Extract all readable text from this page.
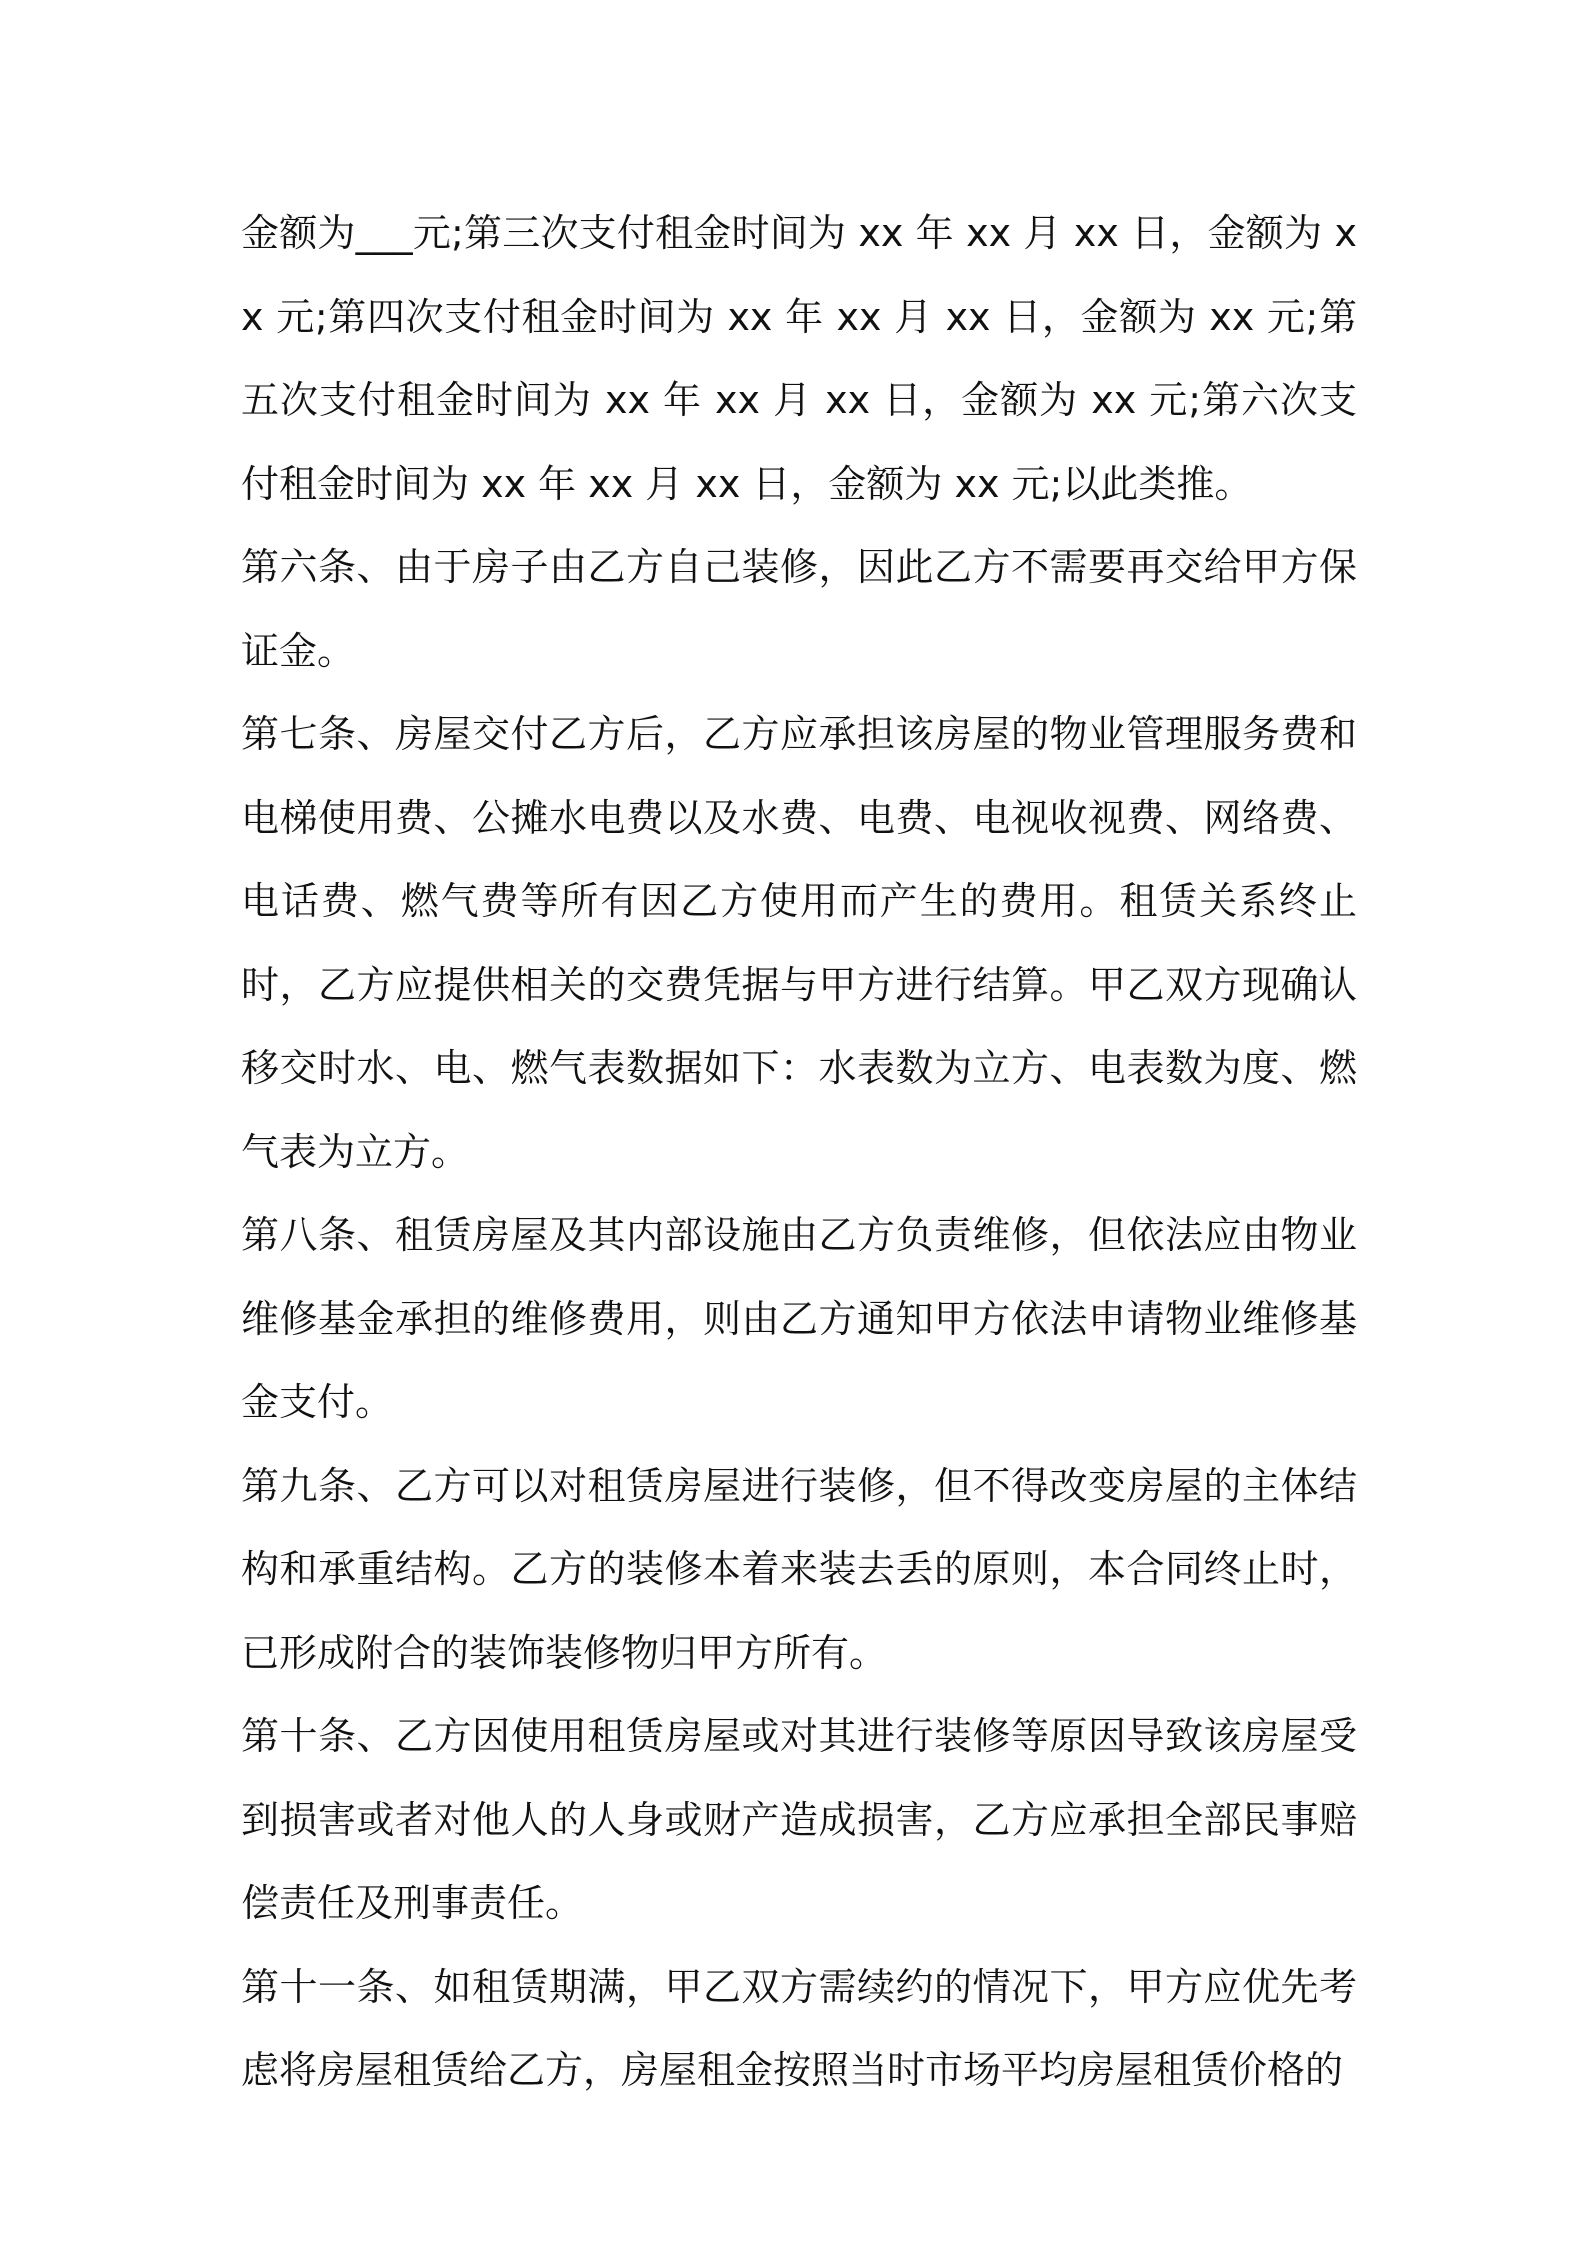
金额为___元;第三次支付租金时间为 xx 年 xx 月 xx 日，金额为 xx 元;第四次支付租金时间为 xx 年 xx 月 xx 日，金额为 xx 元;第五次支付租金时间为 xx 年 xx 月 xx 日，金额为 xx 元;第六次支付租金时间为 xx 年 xx 月 xx 日，金额为 xx 元;以此类推。

第六条、由于房子由乙方自己装修，因此乙方不需要再交给甲方保证金。

第七条、房屋交付乙方后，乙方应承担该房屋的物业管理服务费和电梯使用费、公摊水电费以及水费、电费、电视收视费、网络费、电话费、燃气费等所有因乙方使用而产生的费用。租赁关系终止时，乙方应提供相关的交费凭据与甲方进行结算。甲乙双方现确认移交时水、电、燃气表数据如下：水表数为立方、电表数为度、燃气表为立方。

第八条、租赁房屋及其内部设施由乙方负责维修，但依法应由物业维修基金承担的维修费用，则由乙方通知甲方依法申请物业维修基金支付。

第九条、乙方可以对租赁房屋进行装修，但不得改变房屋的主体结构和承重结构。乙方的装修本着来装去丢的原则，本合同终止时，已形成附合的装饰装修物归甲方所有。

第十条、乙方因使用租赁房屋或对其进行装修等原因导致该房屋受到损害或者对他人的人身或财产造成损害，乙方应承担全部民事赔偿责任及刑事责任。

第十一条、如租赁期满，甲乙双方需续约的情况下，甲方应优先考虑将房屋租赁给乙方，房屋租金按照当时市场平均房屋租赁价格的
